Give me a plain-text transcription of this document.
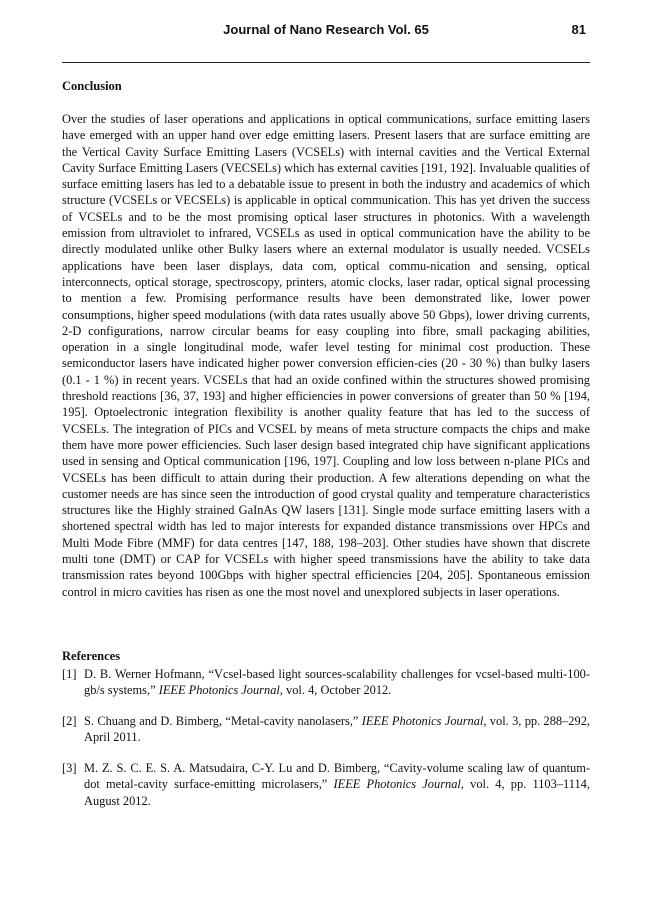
Journal of Nano Research Vol. 65	81
Conclusion

Over the studies of laser operations and applications in optical communications, surface emitting lasers have emerged with an upper hand over edge emitting lasers. Present lasers that are surface emitting are the Vertical Cavity Surface Emitting Lasers (VCSELs) with internal cavities and the Vertical External Cavity Surface Emitting Lasers (VECSELs) which has external cavities [191, 192]. Invaluable qualities of surface emitting lasers has led to a debatable issue to present in both the industry and academics of which structure (VCSELs or VECSELs) is applicable in optical communication. This has yet driven the success of VCSELs and to be the most promising optical laser structures in photonics. With a wavelength emission from ultraviolet to infrared, VCSELs as used in optical communication have the ability to be directly modulated unlike other Bulky lasers where an external modulator is usually needed. VCSELs applications have been laser displays, data com, optical commu-nication and sensing, optical interconnects, optical storage, spectroscopy, printers, atomic clocks, laser radar, optical signal processing to mention a few. Promising performance results have been demonstrated like, lower power consumptions, higher speed modulations (with data rates usually above 50 Gbps), lower driving currents, 2-D configurations, narrow circular beams for easy coupling into fibre, small packaging abilities, operation in a single longitudinal mode, wafer level testing for minimal cost production. These semiconductor lasers have indicated higher power conversion efficien-cies (20 - 30 %) than bulky lasers (0.1 - 1 %) in recent years. VCSELs that had an oxide confined within the structures showed promising threshold reactions [36, 37, 193] and higher efficiencies in power conversions of greater than 50 % [194, 195]. Optoelectronic integration flexibility is another quality feature that has led to the success of VCSELs. The integration of PICs and VCSEL by means of meta structure compacts the chips and make them have more power efficiencies. Such laser design based integrated chip have significant applications used in sensing and Optical communication [196, 197]. Coupling and low loss between n-plane PICs and VCSELs has been difficult to attain during their production. A few alterations depending on what the customer needs are has since seen the introduction of good crystal quality and temperature characteristics structures like the Highly strained GaInAs QW lasers [131]. Single mode surface emitting lasers with a shortened spectral width has led to major interests for expanded distance transmissions over HPCs and Multi Mode Fibre (MMF) for data centres [147, 188, 198–203]. Other studies have shown that discrete multi tone (DMT) or CAP for VCSELs with higher speed transmissions have the ability to take data transmission rates beyond 100Gbps with higher spectral efficiencies [204, 205]. Spontaneous emission control in micro cavities has risen as one the most novel and unexplored subjects in laser operations.

References
[1] D. B. Werner Hofmann, “Vcsel-based light sources-scalability challenges for vcsel-based multi-100-gb/s systems,” IEEE Photonics Journal, vol. 4, October 2012.
[2] S. Chuang and D. Bimberg, “Metal-cavity nanolasers,” IEEE Photonics Journal, vol. 3, pp. 288–292, April 2011.
[3] M. Z. S. C. E. S. A. Matsudaira, C-Y. Lu and D. Bimberg, “Cavity-volume scaling law of quantum-dot metal-cavity surface-emitting microlasers,” IEEE Photonics Journal, vol. 4, pp. 1103–1114, August 2012.
